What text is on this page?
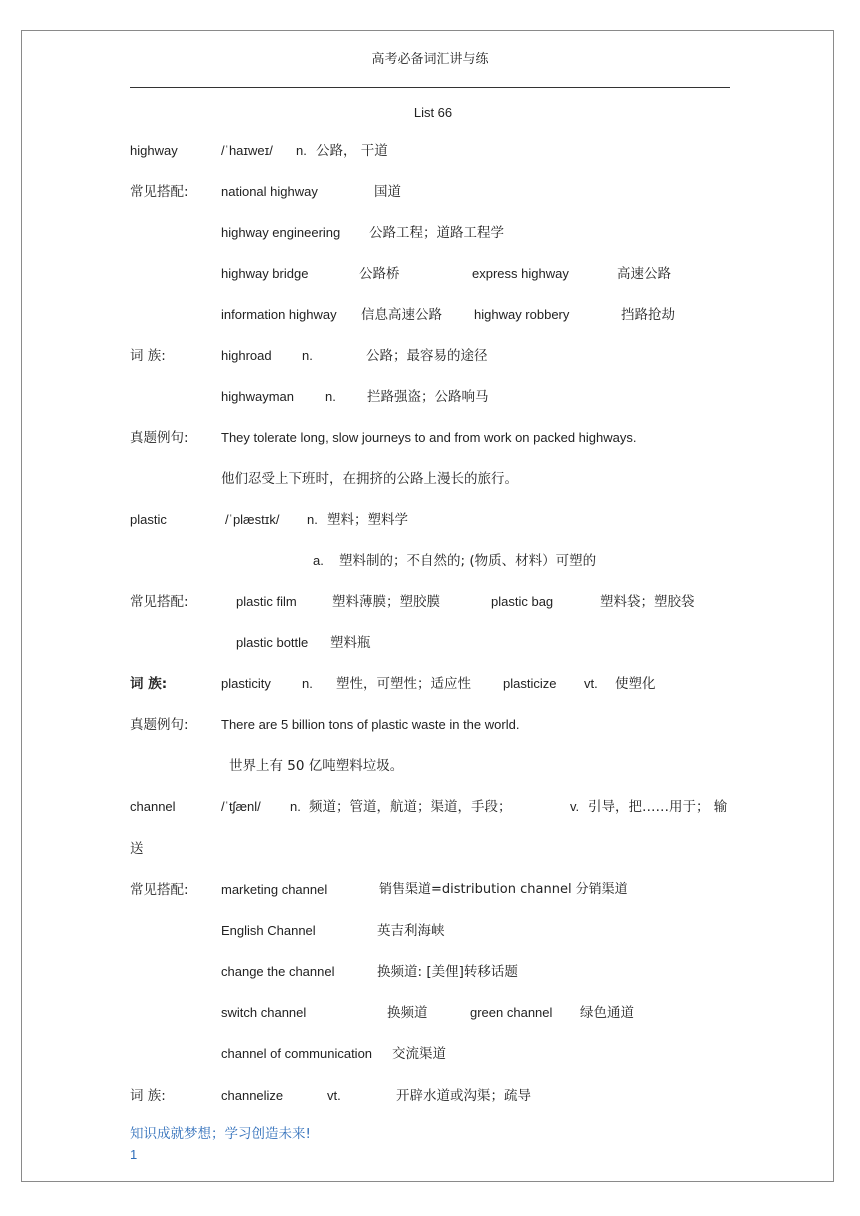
高考必备词汇讲与练
List 66
highway	/ˈhaɪweɪ/ n. 公路， 干道
常见搭配: national highway	国道
highway engineering 公路工程；道路工程学
highway bridge	公路桥	express highway	高速公路
information highway 信息高速公路 highway robbery	挡路抢劫
词 族:	highroad n.	公路；最容易的途径
highwayman n. 拦路强盗；公路响马
真题例句: They tolerate long, slow journeys to and from work on packed highways.
他们忍受上下班时，在拥挤的公路上漫长的旅行。
plastic	/ˈplæstɪk/ n. 塑料；塑料学
a. 塑料制的；不自然的; (物质、材料）可塑的
常见搭配:	plastic film	塑料薄膜；塑胶膜	plastic bag	塑料袋；塑胶袋
plastic bottle 塑料瓶
词 族:	plasticity n. 塑性，可塑性；适应性 plasticize vt. 使塑化
真题例句: There are 5 billion tons of plastic waste in the world.
世界上有 50 亿吨塑料垃圾。
channel	/ˈtʃænl/ n. 频道；管道，航道；渠道，手段；	v. 引导，把……用于； 输
送
常见搭配: marketing channel	销售渠道=distribution channel 分销渠道
English Channel	英吉利海峡
change the channel	换频道: [美俚]转移话题
switch channel	换频道	green channel 绿色通道
channel of communication 交流渠道
词 族:	channelize	vt.	开辟水道或沟渠；疏导
知识成就梦想；学习创造未来!
1
